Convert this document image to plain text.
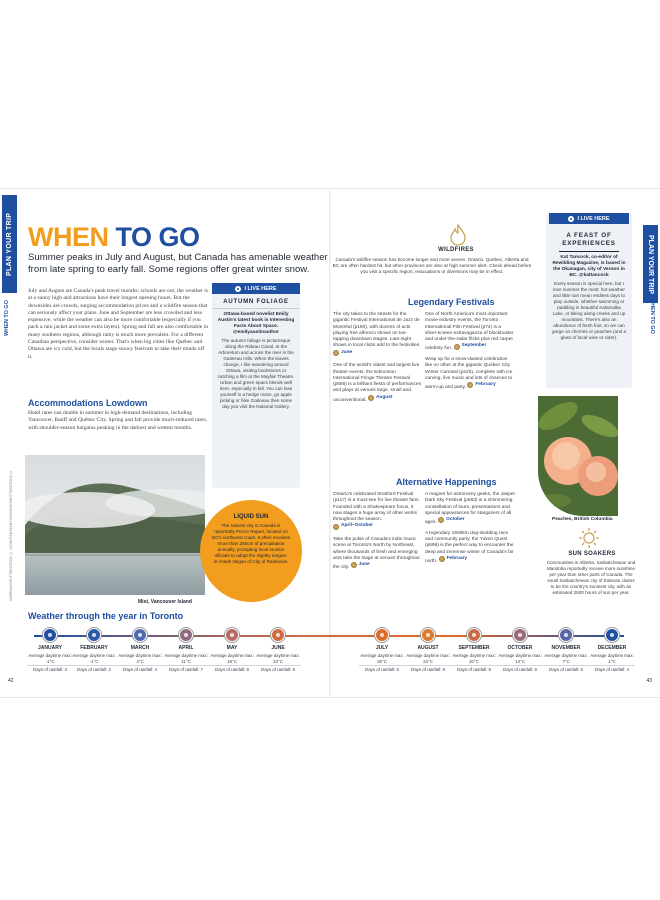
PLAN YOUR TRIP
WHEN TO GO
PLAN YOUR TRIP
WHEN TO GO
SABRINA/SHUTTERSTOCK © | KONSTANTIN/BYSHCHOW/SHUTTERSTOCK ©
WHEN TO GO
Summer peaks in July and August, but Canada has amenable weather from late spring to early fall. Some regions offer great winter snow.
July and August are Canada's peak travel months: schools are out, the weather is at a sunny high and attractions have their longest opening hours. But the downsides are crowds, surging accommodation prices and a wildfire season that can seriously affect your plans. June and September are less crowded and less expensive, while the weather can also be more comfortable (especially if you pack a rain jacket and some extra layers). Spring and fall are also comfortable in many southern regions, although rainy is much more prevalent. For a different Canadian perspective, consider winter. That's when big cities like Québec and Ottawa are icy cold, but the locals stage snowy festivals to take their minds off it.
Accommodations Lowdown
Hotel rates can double in summer in high-demand destinations, including Vancouver, Banff and Québec City. Spring and fall provide much-reduced rates, with shoulder-season bargains peaking in the darkest and wettest months.
I LIVE HERE
AUTUMN FOLIAGE
Ottawa-based novelist Emily Austin's latest book is Interesting Facts About Space. @emilyaustinauthor
The autumn foliage is picturesque along the Rideau Canal, at the Arboretum and across the river in the Gatineau Hills. When the leaves change, I like wandering around Ottawa, visiting bookstores or catching a film at the Mayfair Theatre. Urban and green space blends well here, especially in fall. You can lose yourself in a hedge maze, go apple picking or hike Gatineau then some day you visit the National Gallery.
Mist, Vancouver Island
LIQUID SUN
The rainiest city in Canada is reportedly Prince Rupert, located on BC's northwest coast. It often receives more than 250cm of precipitation annually, prompting local tourism officials to adopt the slightly tongue-in-cheek slogan of City of Rainbows.
WILDFIRES
Canada's wildfire season has become longer and more severe. Ontario, Québec, Alberta and BC are often hardest hit, but other provinces are also at high summer alert. Check ahead before you visit a specific region; evacuations or diversions may be in effect.
Legendary Festivals

The city takes to the streets for the gigantic Festival International de Jazz de Montréal (p190), with dozens of acts playing free alfresco shows on toe-tapping downtown stages. Late-night shows in local clubs add to the festivities.
June

One of the world's oldest and largest live theater events, the Edmonton International Fringe Theatre Festival (p586) is a brilliant fiesta of performances and plays at venues large, small and unconventional.
August

One of North America's most important movie-industry events, the Toronto International Film Festival (p74) is a silver-screen extravaganza of blockbuster and under-the-radar flicks plus red carpet celebrity fun.
September

Wrap up for a snow-dusted celebration like no other at the gigantic Québec City Winter Carnival (p226), complete with ice carving, live music and lots of chances to warm-up and party.
February

Alternative Happenings

Ontario's celebrated Stratford Festival (p117) is a must-see for live theater fans. Founded with a Shakespeare focus, it now stages a huge array of other works throughout the season.
April–October

Take the pulse of Canada's indie music scene at Toronto's North by Northeast, where thousands of fresh and emerging acts take the stage at venues throughout the city.
June

A magnet for astronomy geeks, the Jasper Dark Sky Festival (p583) is a shimmering constellation of tours, presentations and special appearances for stargazers of all ages.
October

A legendary 1600km dog-sledding race and community party, the Yukon Quest (p696) is the perfect way to encounter the deep and immense winter of Canada's far north.
February

I LIVE HERE
A FEAST OF EXPERIENCES
Kat Tancock, co-editor of Rewilding Magazine, is based in the Okanagan, city of Vernon in BC. @kattancock
Every season is special here, but I love summer the most: hot weather and little rain mean endless days to play outside, whether swimming or paddling in beautiful Kalamalka Lake, or biking along creeks and up mountains. There's also an abundance of fresh fruit, so we can gorge on cherries or peaches (and a glass of local wine or cider).
Peaches, British Columbia
SUN SOAKERS
Communities in Alberta, Saskatchewan and Manitoba reportedly receive more sunshine per year than other parts of Canada. The small Saskatchewan city of Estevan claims to be the country's sunniest city, with an estimated 2500 hours of sun per year.
Weather through the year in Toronto
JANUARY
Average daytime max: -1°C
Days of rainfall: 3
FEBRUARY
Average daytime max: -1°C
Days of rainfall: 2
MARCH
Average daytime max: 4°C
Days of rainfall: 4
APRIL
Average daytime max: 11°C
Days of rainfall: 7
MAY
Average daytime max: 18°C
Days of rainfall: 8
JUNE
Average daytime max: 23°C
Days of rainfall: 9
JULY
Average daytime max: 26°C
Days of rainfall: 6
AUGUST
Average daytime max: 24°C
Days of rainfall: 8
SEPTEMBER
Average daytime max: 20°C
Days of rainfall: 9
OCTOBER
Average daytime max: 13°C
Days of rainfall: 9
NOVEMBER
Average daytime max: 7°C
Days of rainfall: 6
DECEMBER
Average daytime max: 1°C
Days of rainfall: 4
42	43
